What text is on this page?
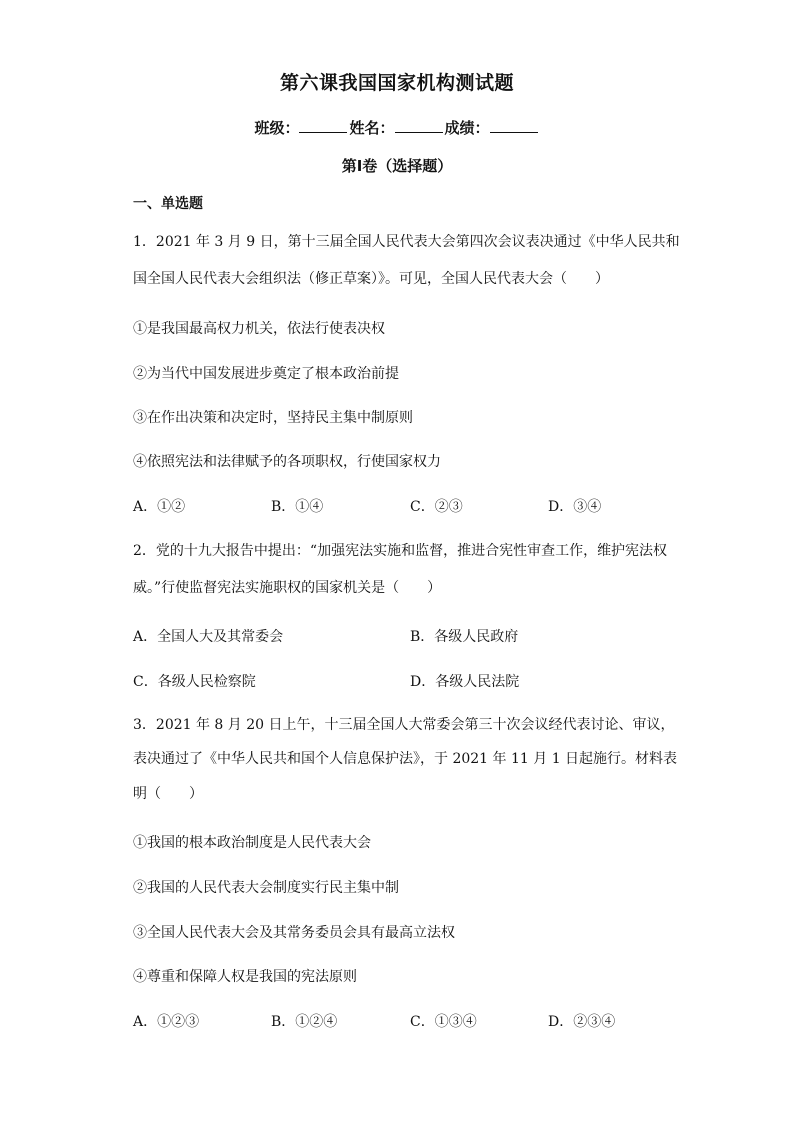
第六课我国国家机构测试题
班级：	姓名：	成绩：
第I卷（选择题）
一、单选题
1．2021 年 3 月 9 日，第十三届全国人民代表大会第四次会议表决通过《中华人民共和
国全国人民代表大会组织法（修正草案）》。可见，全国人民代表大会（　　）
①是我国最高权力机关，依法行使表决权
②为当代中国发展进步奠定了根本政治前提
③在作出决策和决定时，坚持民主集中制原则
④依照宪法和法律赋予的各项职权，行使国家权力
A．①②	B．①④	C．②③	D．③④
2．党的十九大报告中提出：“加强宪法实施和监督，推进合宪性审查工作，维护宪法权
威。”行使监督宪法实施职权的国家机关是（　　）
A．全国人大及其常委会	B．各级人民政府
C．各级人民检察院	D．各级人民法院
3．2021 年 8 月 20 日上午，十三届全国人大常委会第三十次会议经代表讨论、审议，
表决通过了《中华人民共和国个人信息保护法》，于 2021 年 11 月 1 日起施行。材料表
明（　　）
①我国的根本政治制度是人民代表大会
②我国的人民代表大会制度实行民主集中制
③全国人民代表大会及其常务委员会具有最高立法权
④尊重和保障人权是我国的宪法原则
A．①②③	B．①②④	C．①③④	D．②③④
